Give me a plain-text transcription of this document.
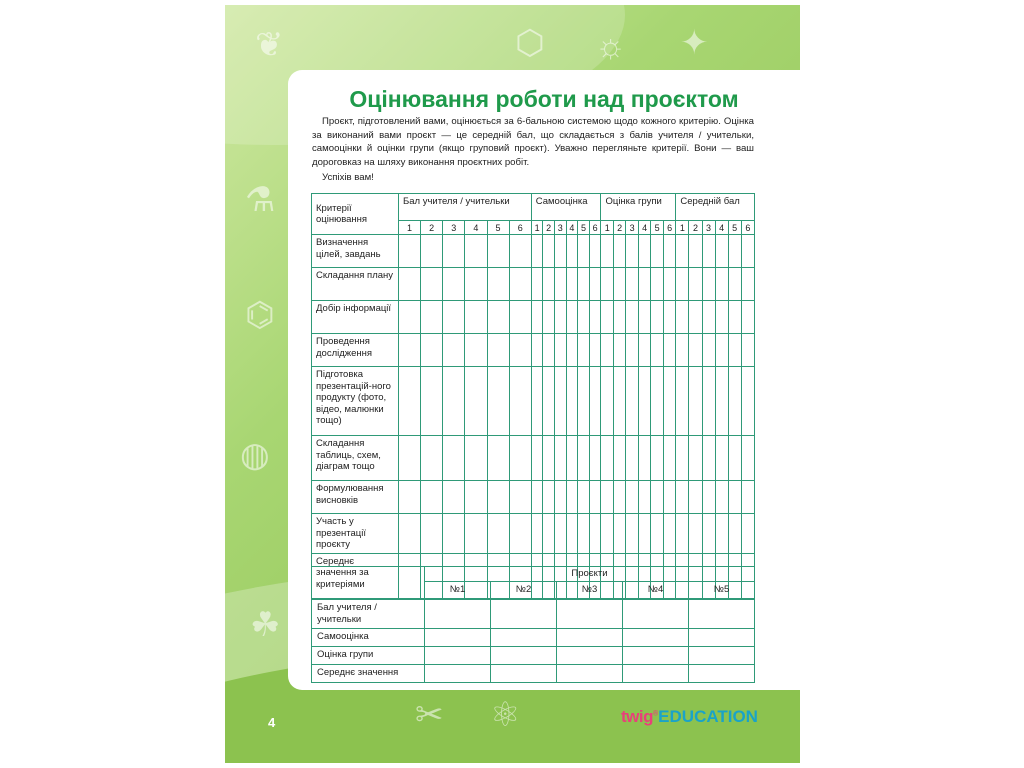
❦	⬡ ☼ ✦
⚗
⌬
◍
☘
✂ ⚛
Оцінювання роботи над проєктом

Проєкт, підготовлений вами, оцінюється за 6-бальною системою щодо кожного критерію. Оцінка за виконаний вами проєкт — це середній бал, що складається з балів учителя / учительки, самооцінки й оцінки групи (якщо груповий проєкт). Уважно перегляньте критерії. Вони — ваш дороговказ на шляху виконання проєктних робіт.

Успіхів вам!
Критерії оцінювання	Бал учителя / учительки						Самооцінка						Оцінка групи						Середній бал					
	1	2	3	4	5	6	1	2	3	4	5	6	1	2	3	4	5	6	1	2	3	4	5	6
Визначення цілей, завдань																								
Складання плану																								
Добір інформації																								
Проведення дослідження																								
Підготовка презентацій-ного продукту (фото, відео, малюнки тощо)																								
Складання таблиць, схем, діаграм тощо																								
Формулювання висновків																								
Участь у презентації проєкту																								
Середнє значення за критеріями																								
	Проєкти				
	№1	№2	№3	№4	№5
Бал учителя / учительки					
Самооцінка					
Оцінка групи					
Середнє значення					
4	twig®EDUCATION
